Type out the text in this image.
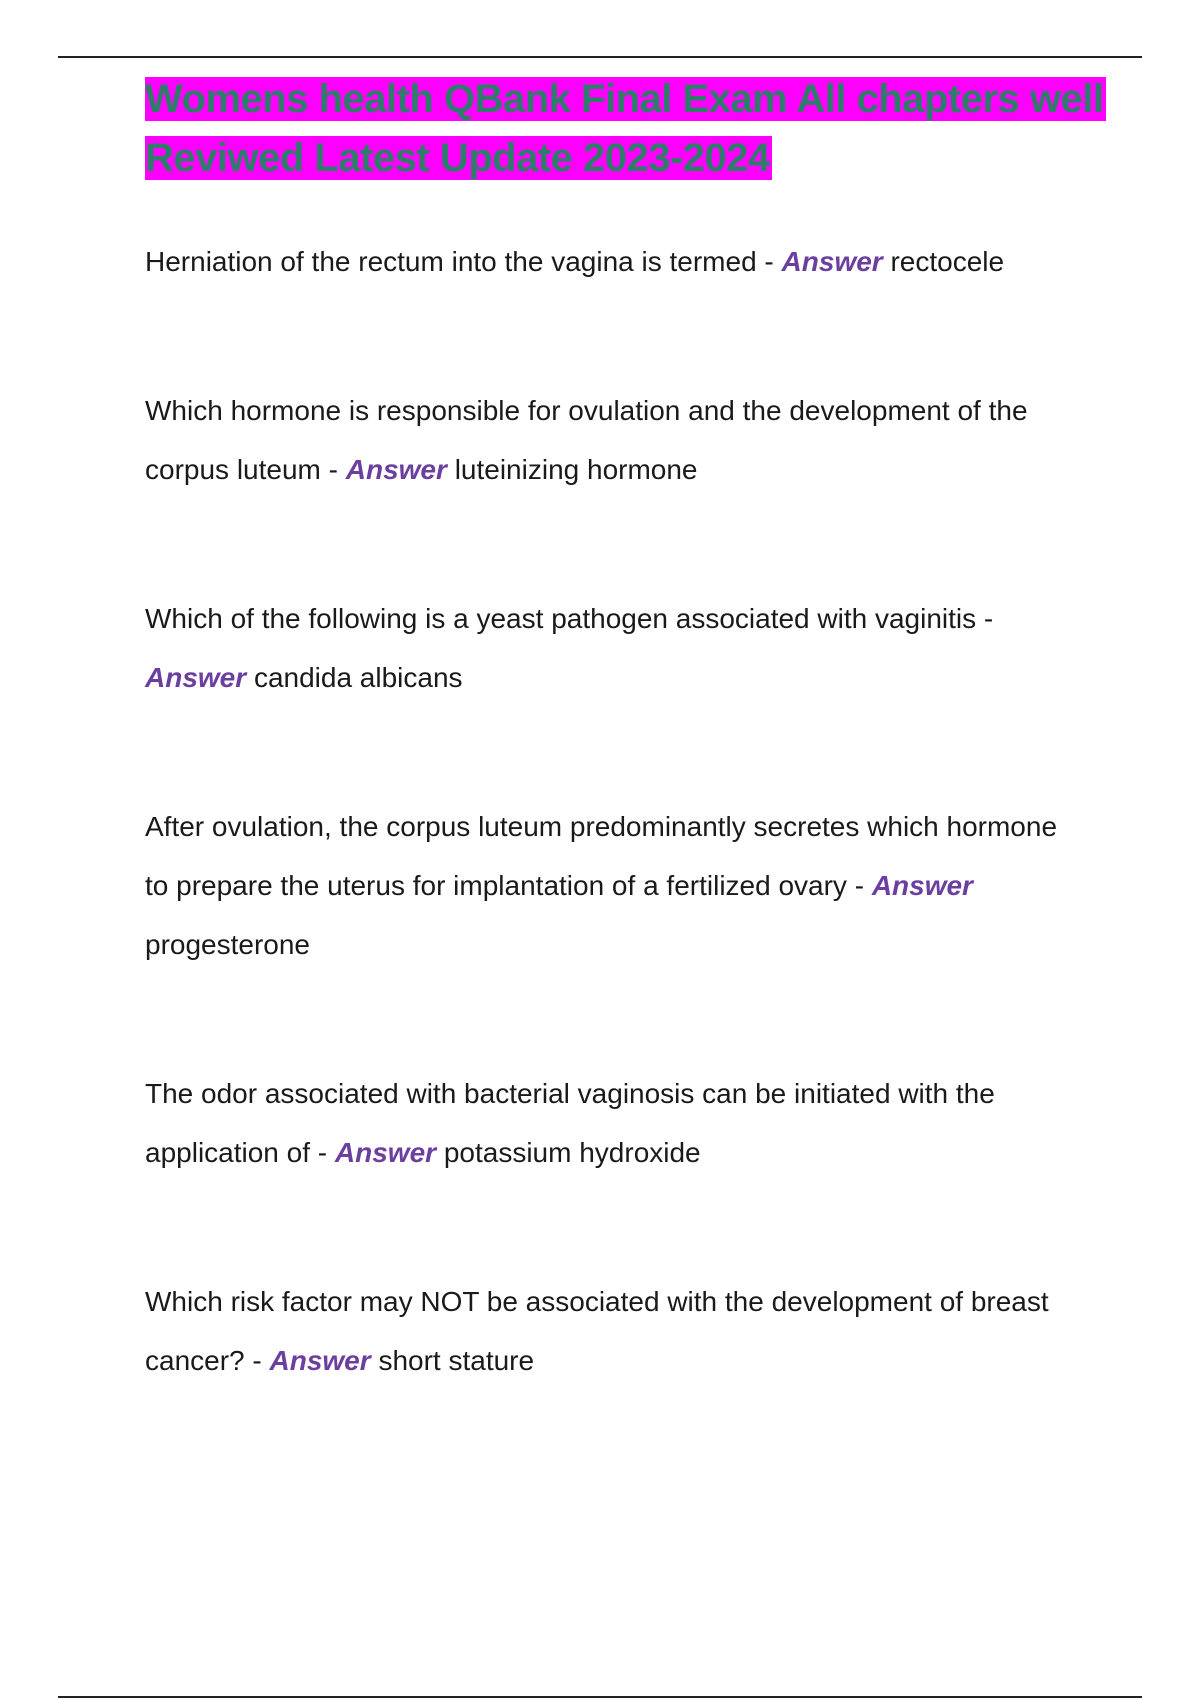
Womens health QBank Final Exam All chapters well Reviwed Latest Update 2023-2024

Herniation of the rectum into the vagina is termed - Answer rectocele

Which hormone is responsible for ovulation and the development of the corpus luteum - Answer luteinizing hormone

Which of the following is a yeast pathogen associated with vaginitis - Answer candida albicans

After ovulation, the corpus luteum predominantly secretes which hormone to prepare the uterus for implantation of a fertilized ovary - Answer progesterone

The odor associated with bacterial vaginosis can be initiated with the application of - Answer potassium hydroxide

Which risk factor may NOT be associated with the development of breast cancer? - Answer short stature
